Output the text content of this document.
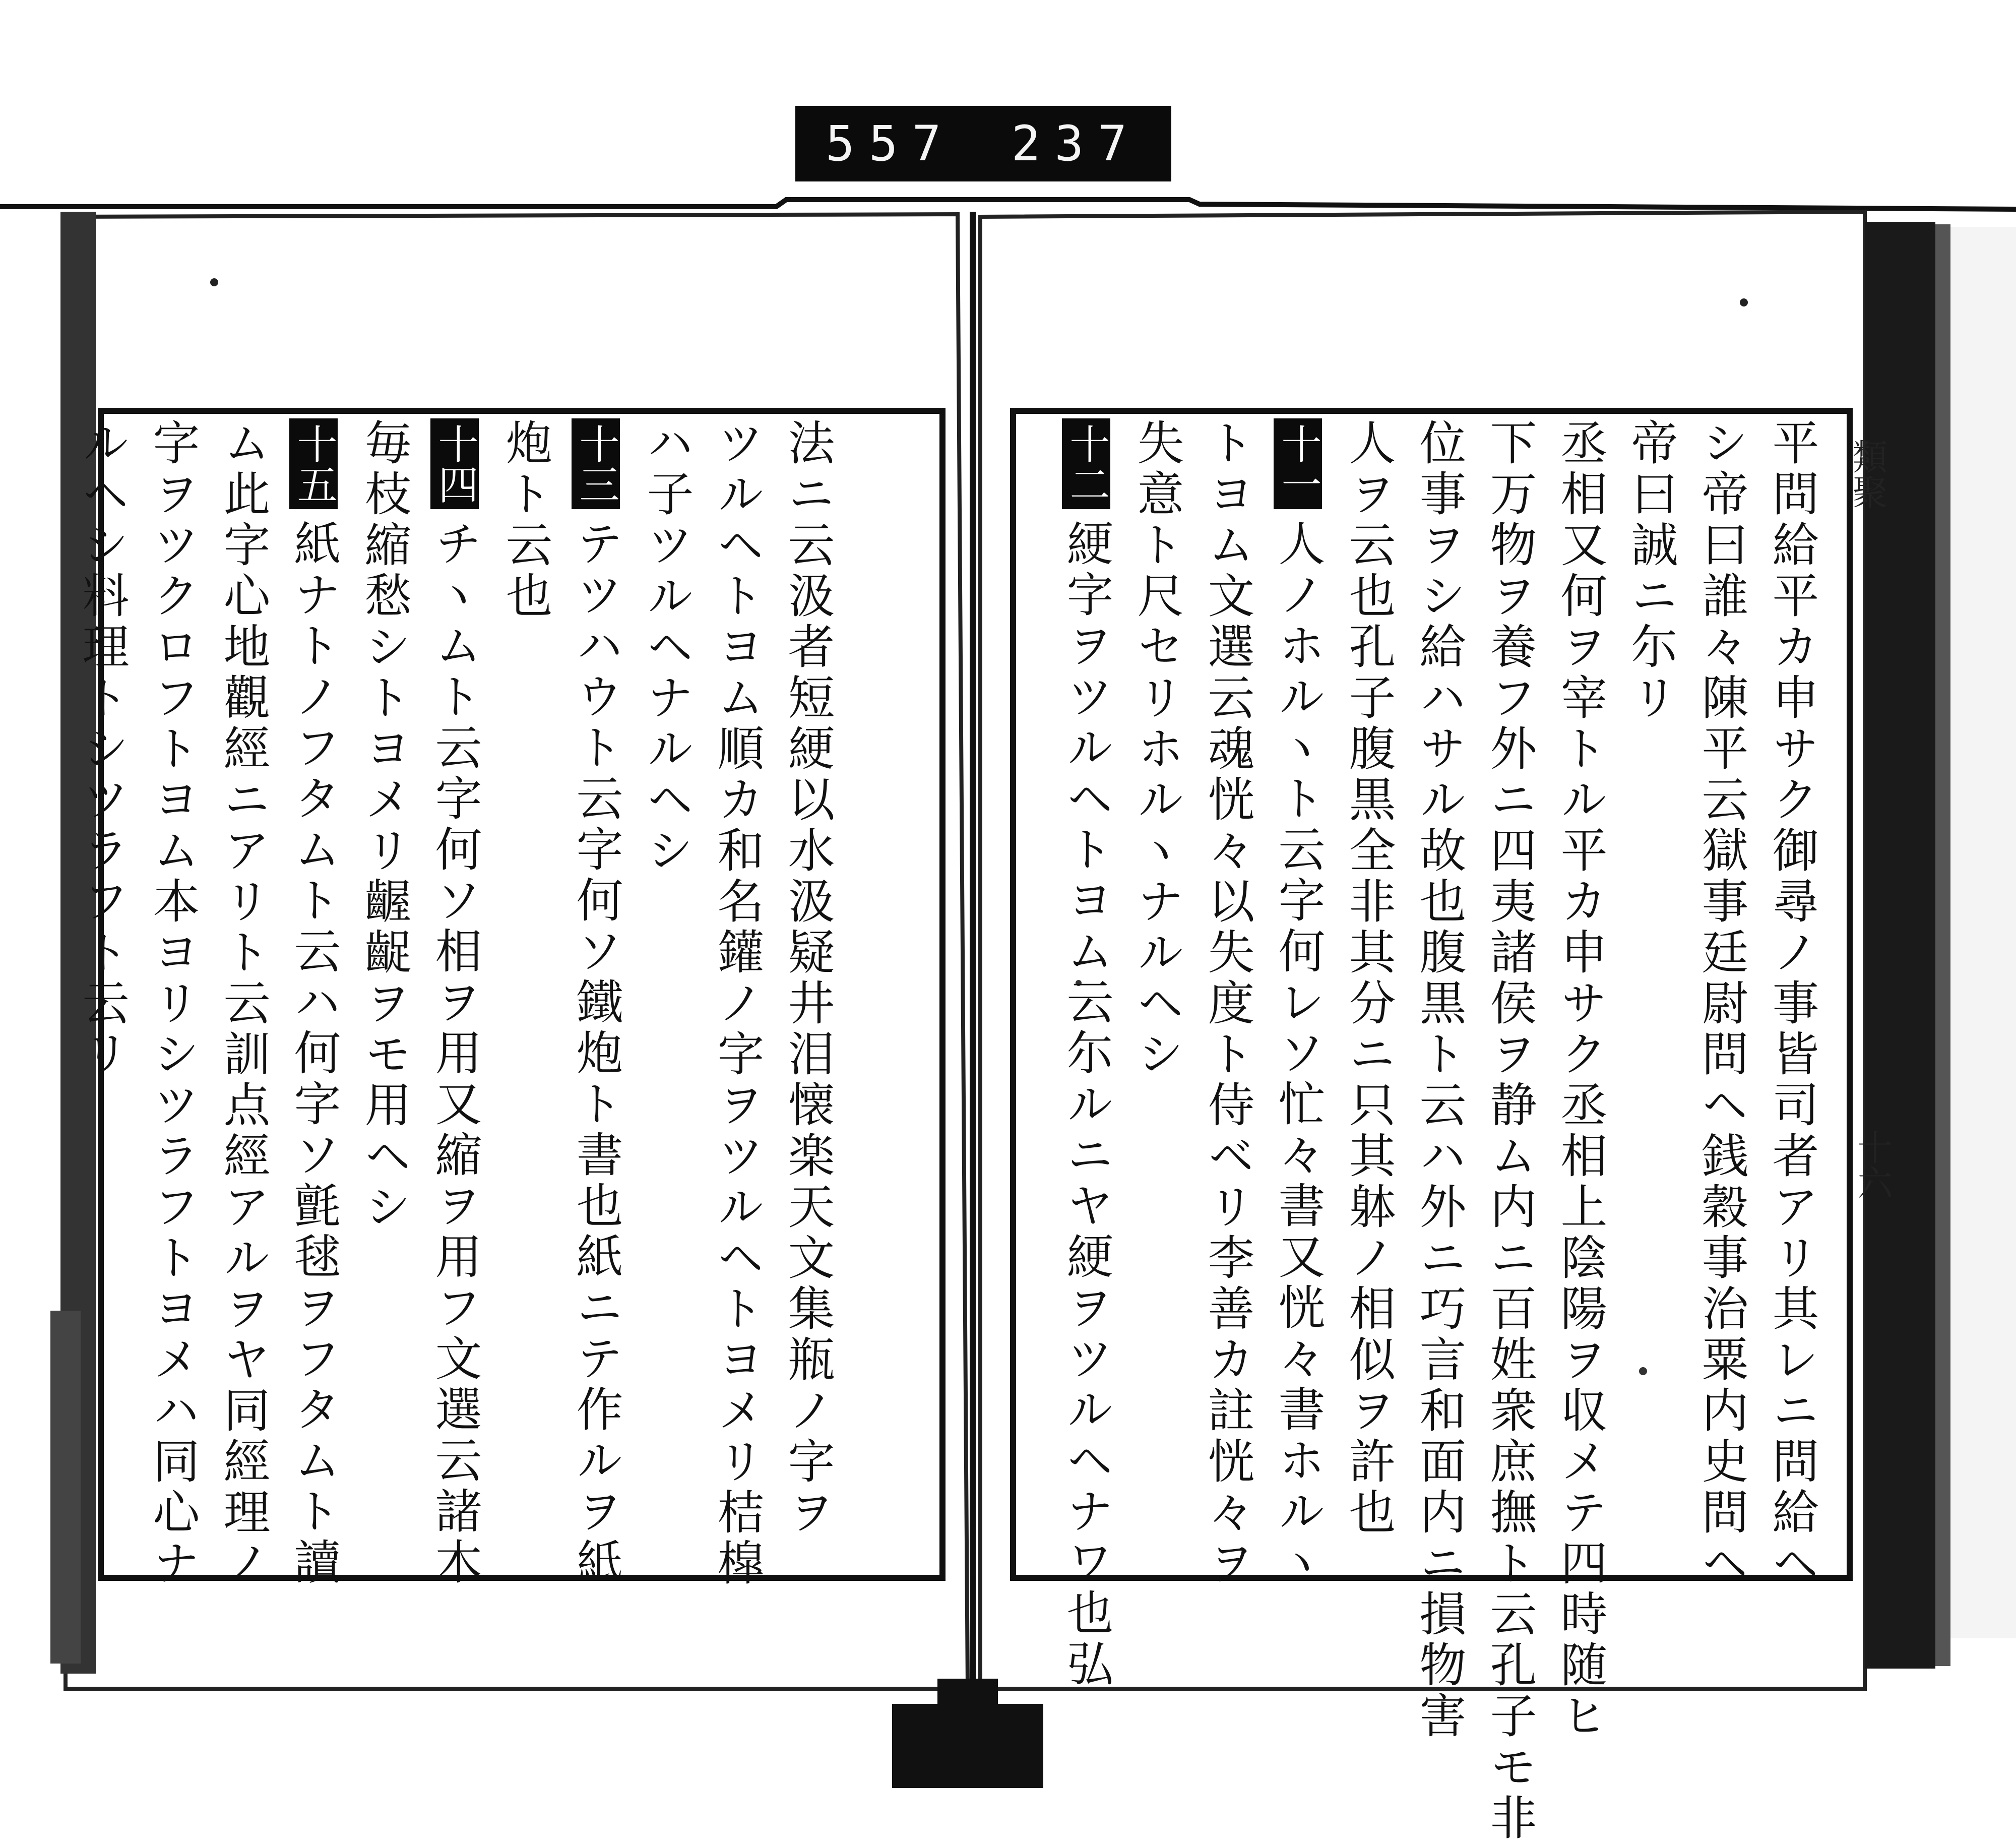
557 237
類聚
十六
平問給平カ申サク御尋ノ事皆司者アリ其レニ問給ヘ
シ帝曰誰々陳平云獄事廷尉問ヘ銭穀事治粟内史問ヘ
帝曰誠ニ尓リ
丞相又何ヲ宰トル平カ申サク丞相上陰陽ヲ収メテ四時随ヒ
下万物ヲ養フ外ニ四夷諸侯ヲ静ム内ニ百姓衆庶撫ト云孔子モ非
位事ヲシ給ハサル故也腹黒ト云ハ外ニ巧言和面内ニ損物害
人ヲ云也孔子腹黒全非其分ニ只其躰ノ相似ヲ許也
十一人ノホルヽト云字何レソ忙々書又恍々書ホルヽ
トヨム文選云魂恍々以失度ト侍ベリ李善カ註恍々ヲ
失意ト尺セリホルヽナルヘシ
十二綆字ヲツルヘトヨム云尓ルニヤ綆ヲツルヘナワ也弘
法ニ云汲者短綆以水汲疑井泪懐楽天文集瓶ノ字ヲ
ツルヘトヨム順カ和名鑵ノ字ヲツルヘトヨメリ桔槹
ハ子ツルヘナルヘシ
十三テツハウト云字何ソ鐵炮ト書也紙ニテ作ルヲ紙
炮ト云也
十四チヽムト云字何ソ相ヲ用又縮ヲ用フ文選云諸木
毎枝縮愁シトヨメリ齷齪ヲモ用ヘシ
十五紙ナトノフタムト云ハ何字ソ氈毬ヲフタムト讀
ム此字心地觀經ニアリト云訓点經アルヲヤ同經理ノ
字ヲツクロフトヨム本ヨリシツラフトヨメハ同心ナ
ルヘシ料理トシツラフト云リ
